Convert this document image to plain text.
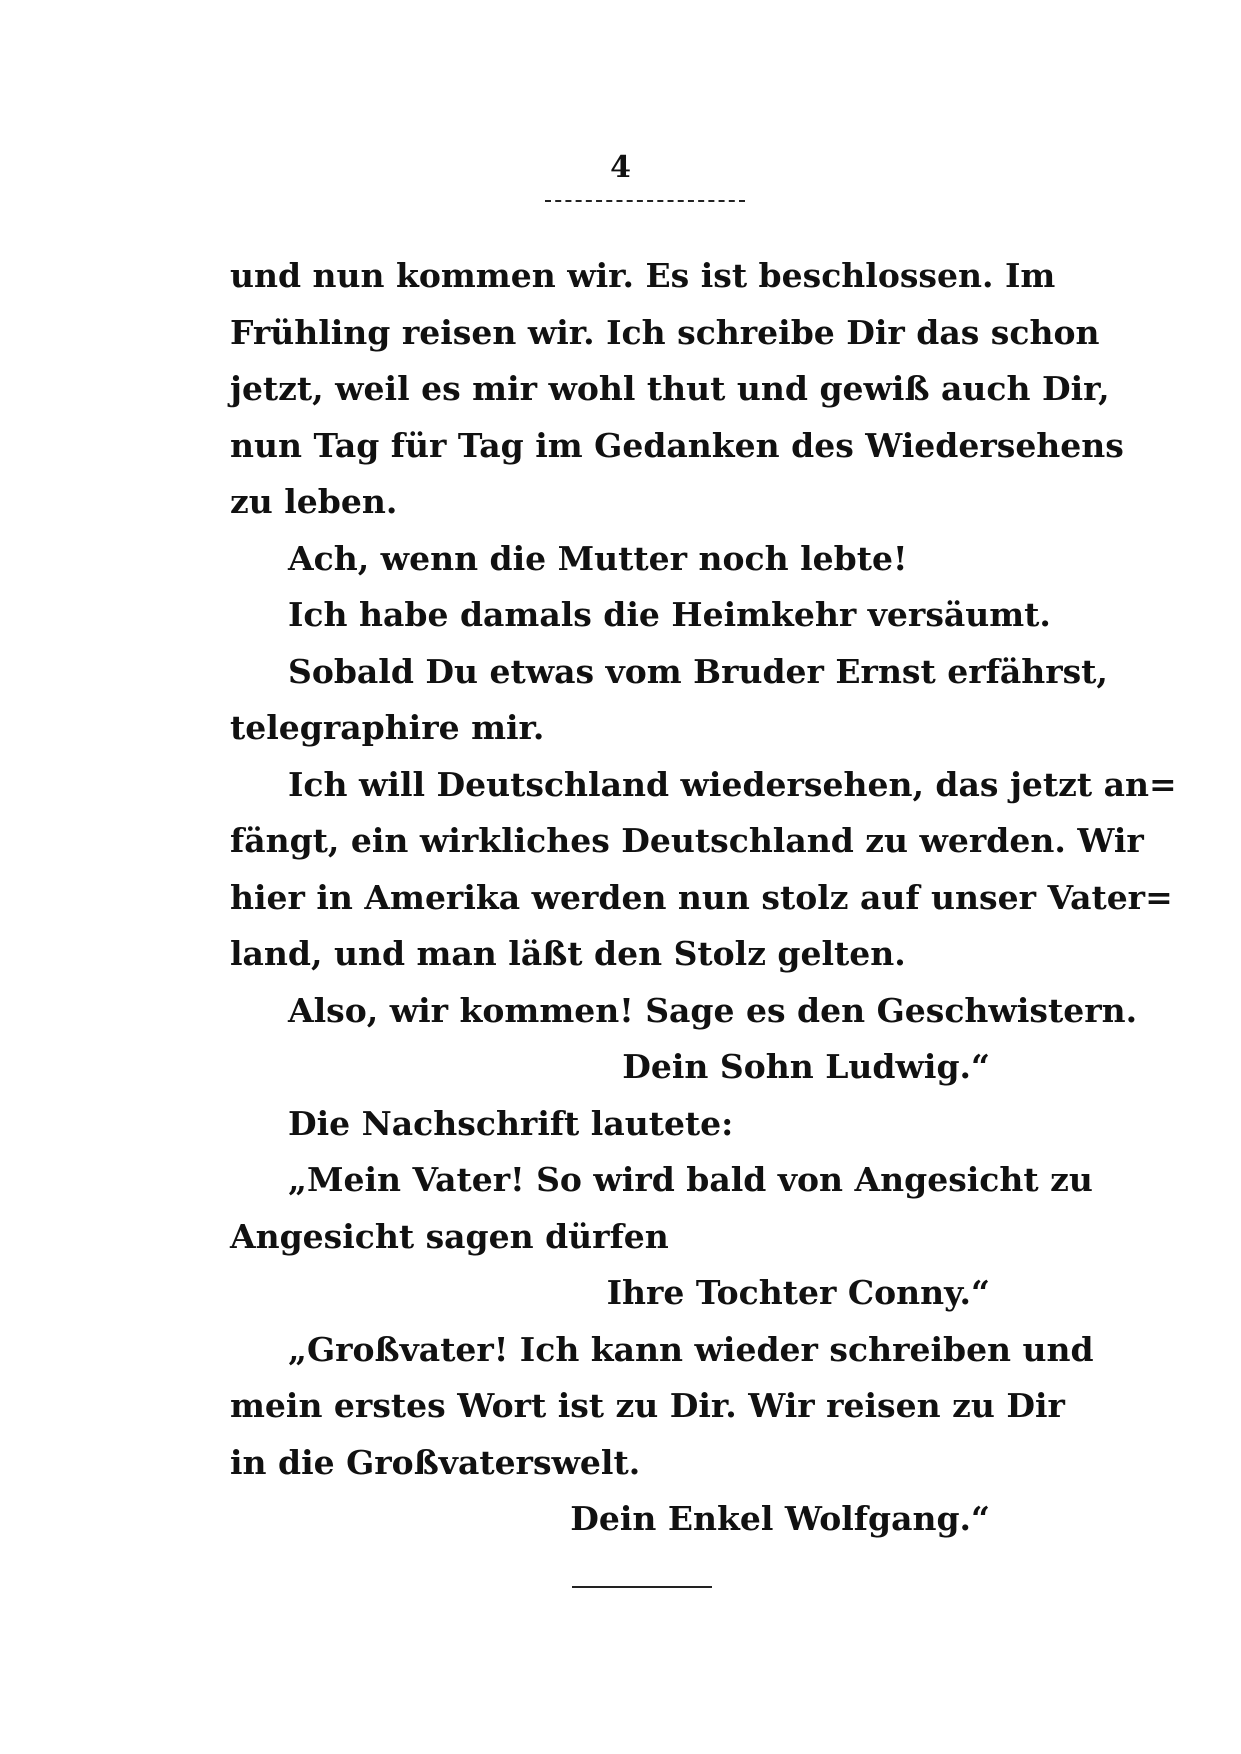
4
und nun kommen wir. Es ist beschlossen. Im
Frühling reisen wir. Ich schreibe Dir das schon
jetzt, weil es mir wohl thut und gewiß auch Dir,
nun Tag für Tag im Gedanken des Wiedersehens
zu leben.
Ach, wenn die Mutter noch lebte!
Ich habe damals die Heimkehr versäumt.
Sobald Du etwas vom Bruder Ernst erfährst,
telegraphire mir.
Ich will Deutschland wiedersehen, das jetzt an=
fängt, ein wirkliches Deutschland zu werden. Wir
hier in Amerika werden nun stolz auf unser Vater=
land, und man läßt den Stolz gelten.
Also, wir kommen! Sage es den Geschwistern.
Dein Sohn Ludwig.“
Die Nachschrift lautete:
„Mein Vater! So wird bald von Angesicht zu
Angesicht sagen dürfen
Ihre Tochter Conny.“
„Großvater! Ich kann wieder schreiben und
mein erstes Wort ist zu Dir. Wir reisen zu Dir
in die Großvaterswelt.
Dein Enkel Wolfgang.“
